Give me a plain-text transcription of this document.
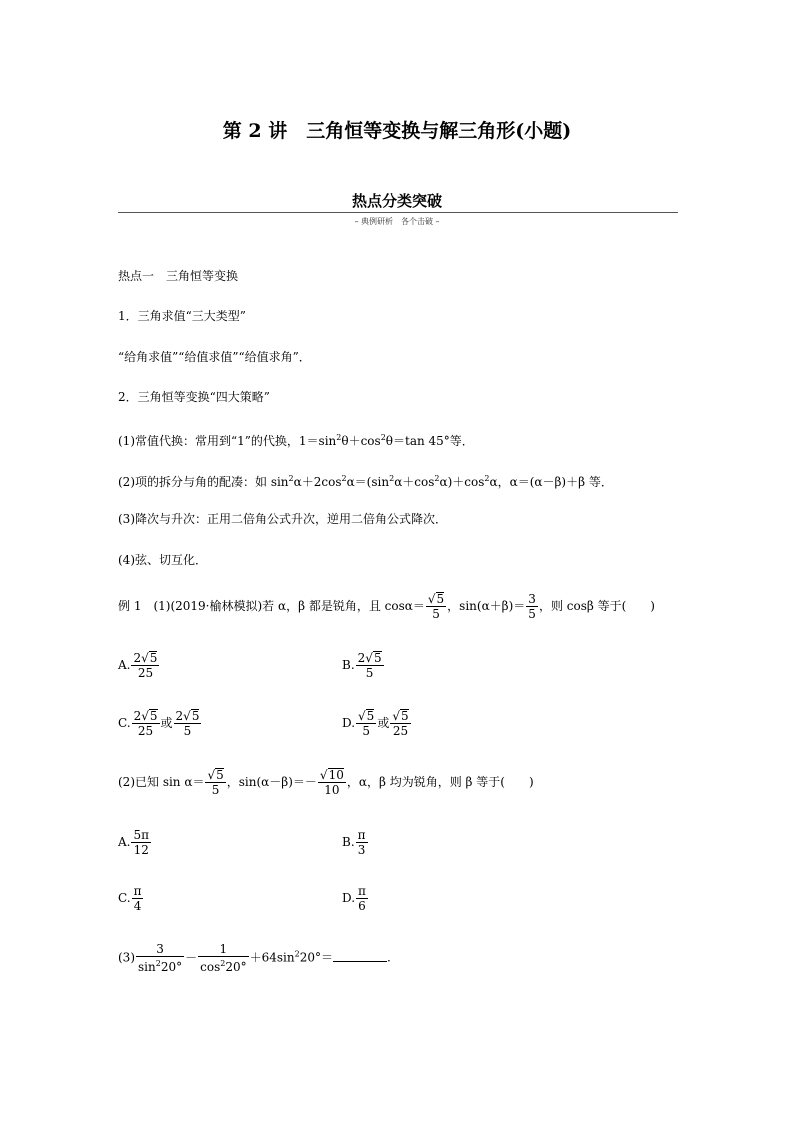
第 2 讲　三角恒等变换与解三角形(小题)
热点分类突破
– 典例研析　各个击破 –
热点一　三角恒等变换
1．三角求值“三大类型”
“给角求值”“给值求值”“给值求角”．
2．三角恒等变换“四大策略”
(1)常值代换：常用到“1”的代换，$1=\sin^2\theta+\cos^2\theta=\tan$ 45°等．
(2)项的拆分与角的配凑：如 $\sin^2\alpha+2\cos^2\alpha=(\sin^2\alpha+\cos^2\alpha)+\cos^2\alpha$，α＝(α－β)＋β 等．
(3)降次与升次：正用二倍角公式升次，逆用二倍角公式降次．
(4)弦、切互化．
例 1　(1)(2019·榆林模拟)若 α，β 都是锐角，且 $\cos\alpha= \frac{√5}{5}$ ，$\sin(\alpha+\beta)= \frac{3}{5}$ ，则 cosβ 等于(　　)
A. $\frac{2√5}{25}$	B. $\frac{2√5}{5}$
C. $\frac{2√5}{25}$ 或 $\frac{2√5}{5}$	D. $\frac{√5}{5}$ 或 $\frac{√5}{25}$
(2)已知 $\sin \alpha= \frac{√5}{5}$ ，$\sin(\alpha-\beta)=- \frac{√10}{10}$ ，α，β 均为锐角，则 β 等于(　　)
A. $\frac{5\pi}{12}$	B. $\frac{\pi}{3}$
C. $\frac{\pi}{4}$	D. $\frac{\pi}{6}$
$(3) \frac{3}{\sin^220^\circ} - \frac{1}{\cos^220^\circ} +64\sin^220^\circ=$	.
